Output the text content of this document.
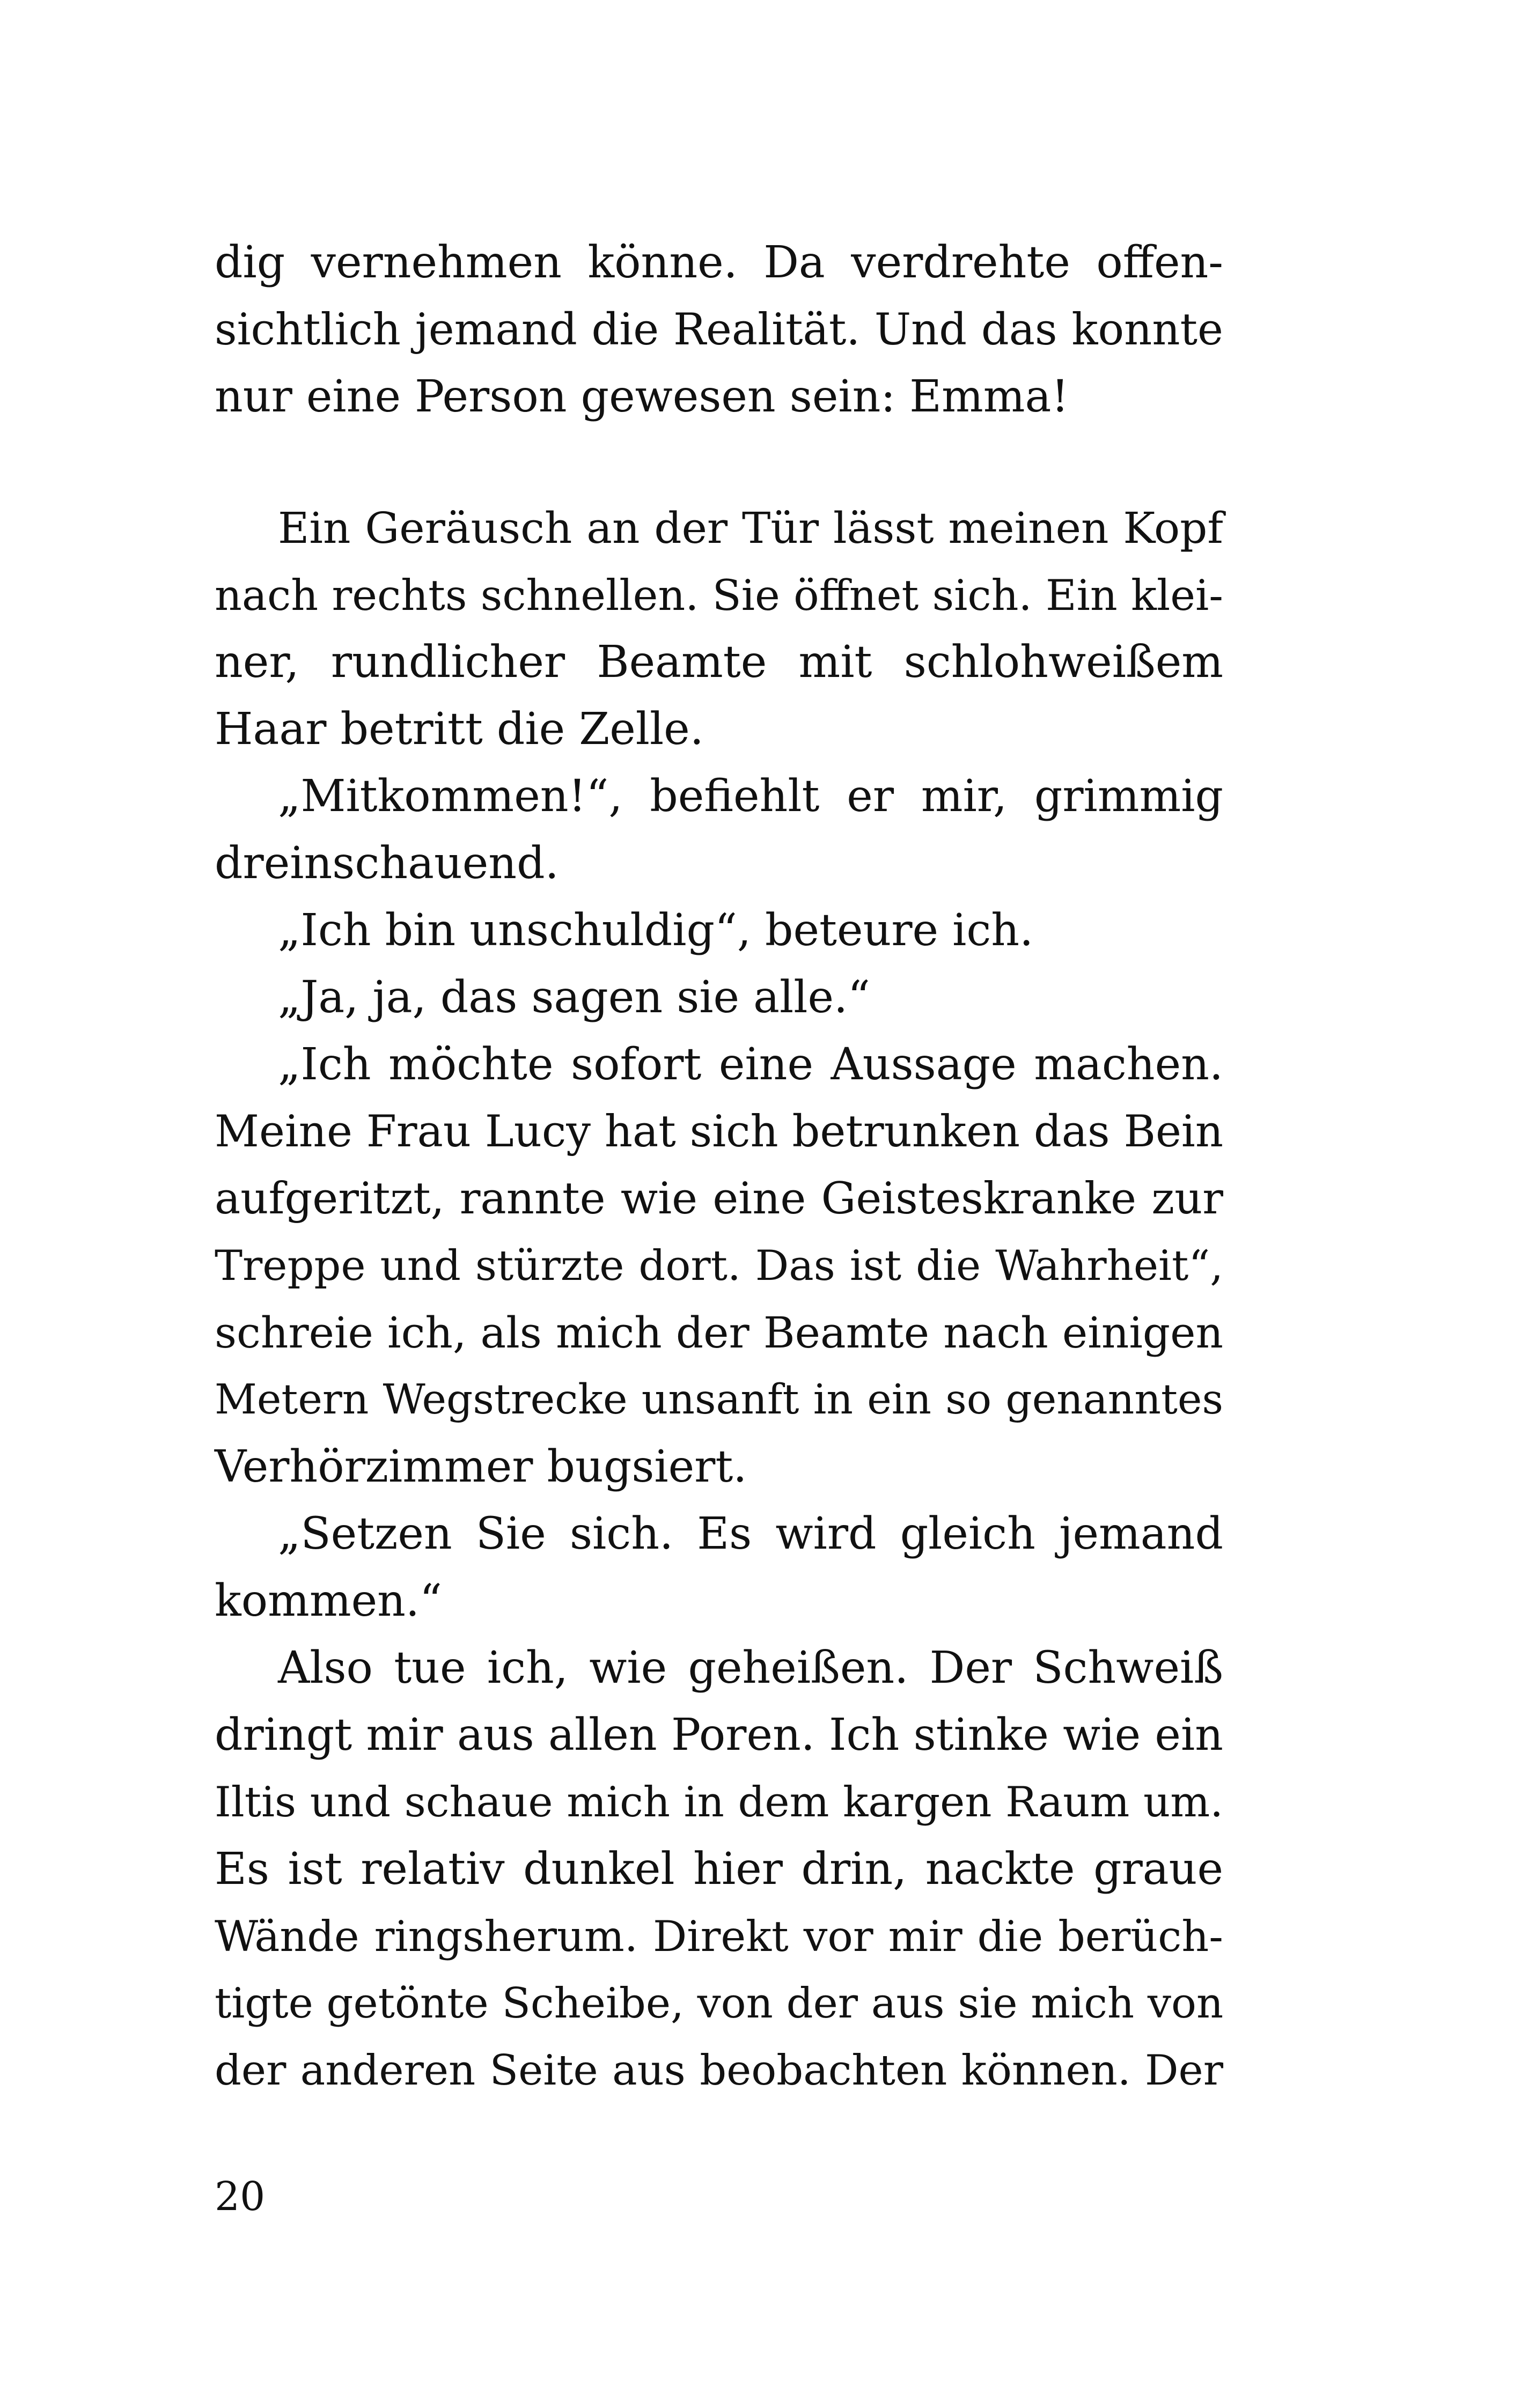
dig vernehmen könne. Da verdrehte offen-
sichtlich jemand die Realität. Und das konnte
nur eine Person gewesen sein: Emma!
Ein Geräusch an der Tür lässt meinen Kopf
nach rechts schnellen. Sie öffnet sich. Ein klei-
ner, rundlicher Beamte mit schlohweißem
Haar betritt die Zelle.
„Mitkommen!“, befiehlt er mir, grimmig
dreinschauend.
„Ich bin unschuldig“, beteure ich.
„Ja, ja, das sagen sie alle.“
„Ich möchte sofort eine Aussage machen.
Meine Frau Lucy hat sich betrunken das Bein
aufgeritzt, rannte wie eine Geisteskranke zur
Treppe und stürzte dort. Das ist die Wahrheit“,
schreie ich, als mich der Beamte nach einigen
Metern Wegstrecke unsanft in ein so genanntes
Verhörzimmer bugsiert.
„Setzen Sie sich. Es wird gleich jemand
kommen.“
Also tue ich, wie geheißen. Der Schweiß
dringt mir aus allen Poren. Ich stinke wie ein
Iltis und schaue mich in dem kargen Raum um.
Es ist relativ dunkel hier drin, nackte graue
Wände ringsherum. Direkt vor mir die berüch-
tigte getönte Scheibe, von der aus sie mich von
der anderen Seite aus beobachten können. Der
20
